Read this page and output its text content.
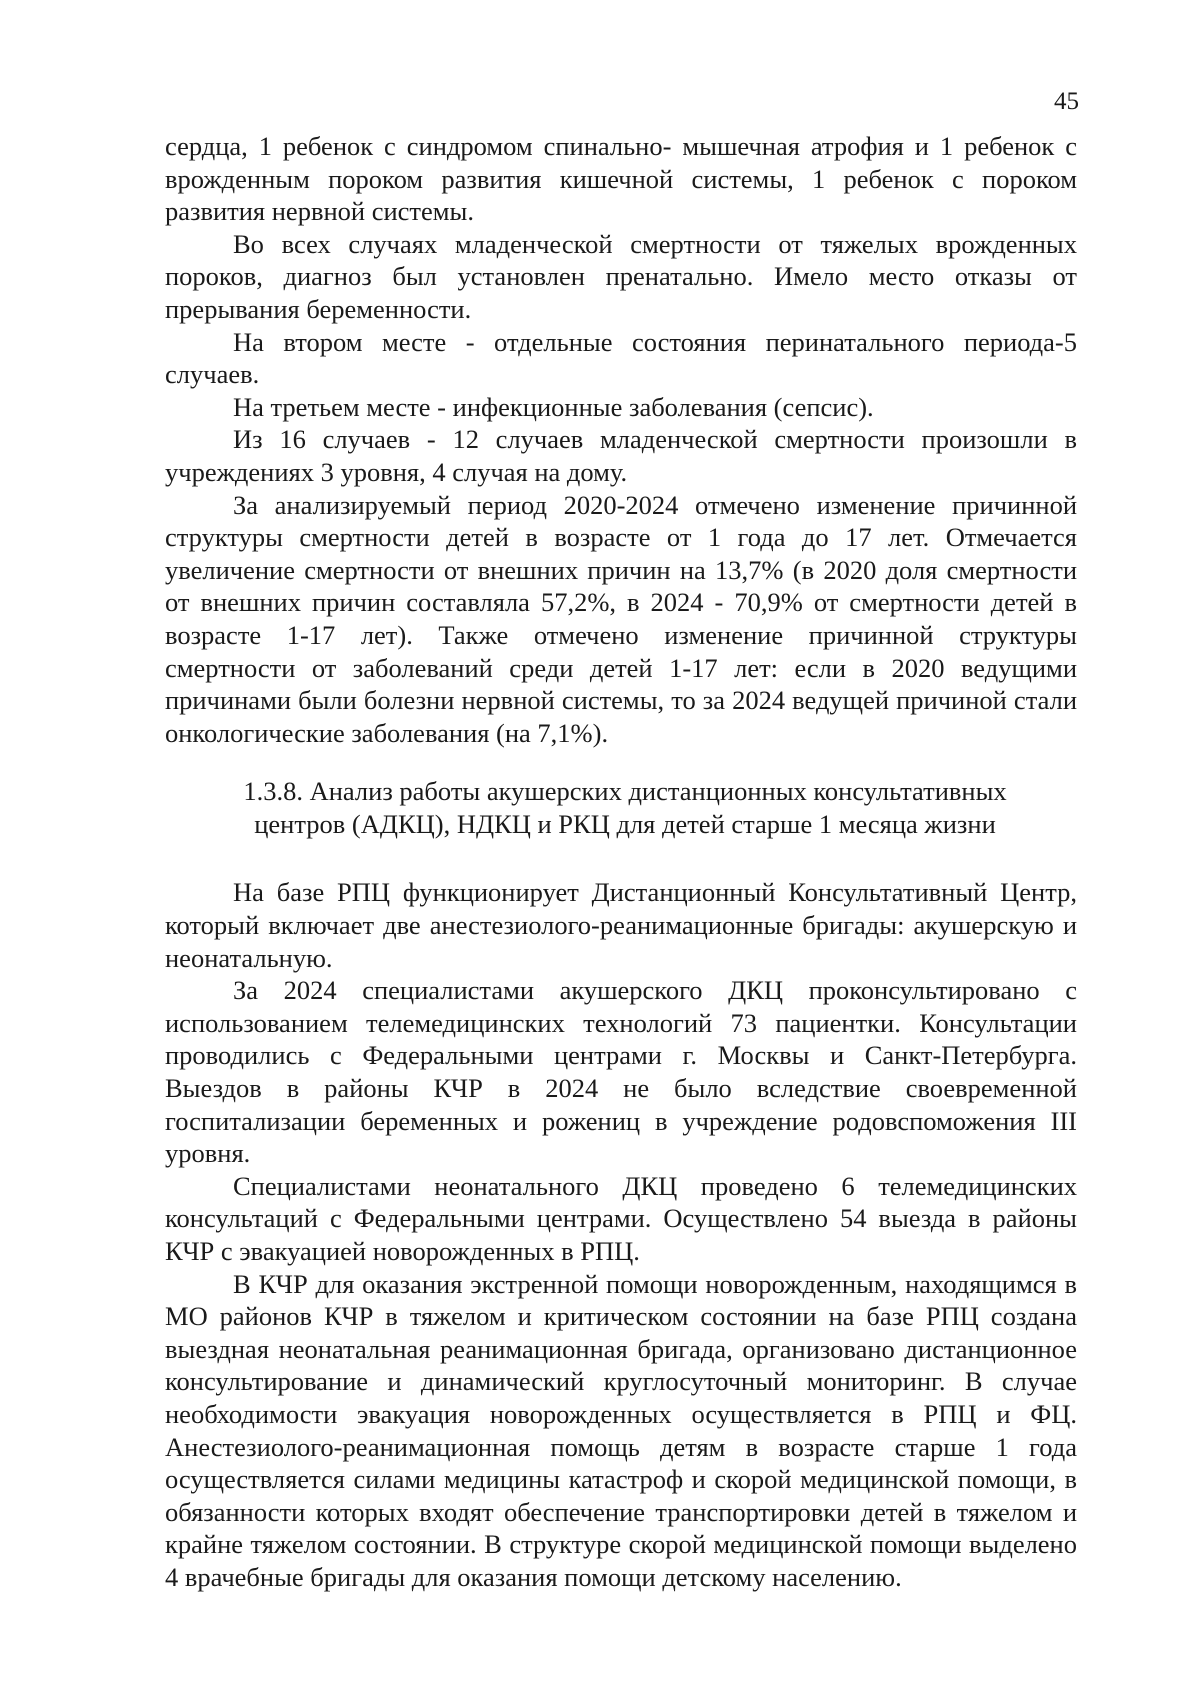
45

сердца, 1 ребенок с синдромом спинально- мышечная атрофия и 1 ребенок с врожденным пороком развития кишечной системы, 1 ребенок с пороком развития нервной системы.

Во всех случаях младенческой смертности от тяжелых врожденных пороков, диагноз был установлен пренатально. Имело место отказы от прерывания беременности.

На втором месте - отдельные состояния перинатального периода-5 случаев.

На третьем месте - инфекционные заболевания (сепсис).

Из 16 случаев - 12 случаев младенческой смертности произошли в учреждениях 3 уровня, 4 случая на дому.

За анализируемый период 2020-2024 отмечено изменение причинной структуры смертности детей в возрасте от 1 года до 17 лет. Отмечается увеличение смертности от внешних причин на 13,7% (в 2020 доля смертности от внешних причин составляла 57,2%, в 2024 - 70,9% от смертности детей в возрасте 1-17 лет). Также отмечено изменение причинной структуры смертности от заболеваний среди детей 1-17 лет: если в 2020 ведущими причинами были болезни нервной системы, то за 2024 ведущей причиной стали онкологические заболевания (на 7,1%).

1.3.8. Анализ работы акушерских дистанционных консультативных
центров (АДКЦ), НДКЦ и РКЦ для детей старше 1 месяца жизни

На базе РПЦ функционирует Дистанционный Консультативный Центр, который включает две анестезиолого-реанимационные бригады: акушерскую и неонатальную.

За 2024 специалистами акушерского ДКЦ проконсультировано с использованием телемедицинских технологий 73 пациентки. Консультации проводились с Федеральными центрами г. Москвы и Санкт-Петербурга. Выездов в районы КЧР в 2024 не было вследствие своевременной госпитализации беременных и рожениц в учреждение родовспоможения III уровня.

Специалистами неонатального ДКЦ проведено 6 телемедицинских консультаций с Федеральными центрами. Осуществлено 54 выезда в районы КЧР с эвакуацией новорожденных в РПЦ.

В КЧР для оказания экстренной помощи новорожденным, находящимся в МО районов КЧР в тяжелом и критическом состоянии на базе РПЦ создана выездная неонатальная реанимационная бригада, организовано дистанционное консультирование и динамический круглосуточный мониторинг. В случае необходимости эвакуация новорожденных осуществляется в РПЦ и ФЦ. Анестезиолого-реанимационная помощь детям в возрасте старше 1 года осуществляется силами медицины катастроф и скорой медицинской помощи, в обязанности которых входят обеспечение транспортировки детей в тяжелом и крайне тяжелом состоянии. В структуре скорой медицинской помощи выделено 4 врачебные бригады для оказания помощи детскому населению.
